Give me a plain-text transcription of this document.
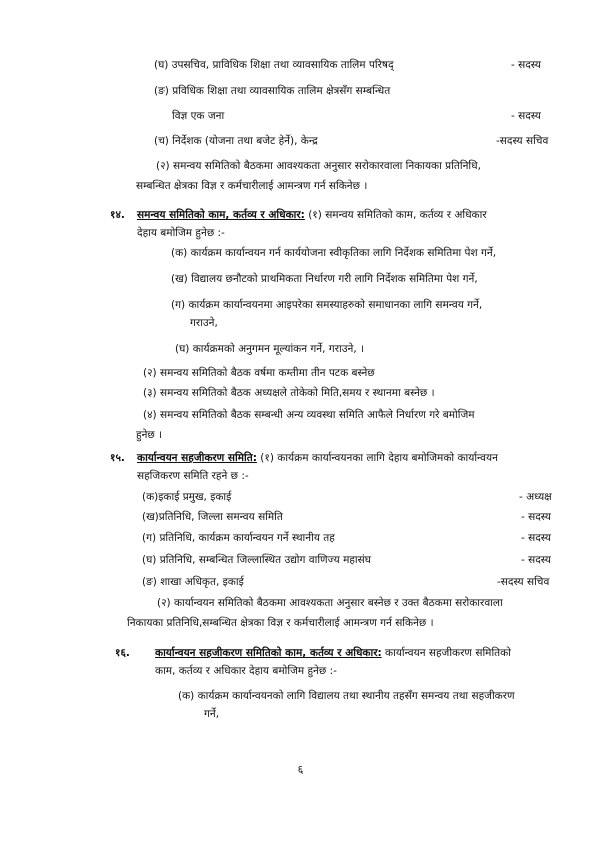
(घ) उपसचिव, प्राविधिक शिक्षा तथा व्यावसायिक तालिम परिषद्	- सदस्य
(ङ) प्रविधिक शिक्षा तथा व्यावसायिक तालिम क्षेत्रसँग सम्बन्धित
विज्ञ एक जना	- सदस्य
(च) निर्देशक (योजना तथा बजेट हेर्ने), केन्द्र	-सदस्य सचिव
(२) समन्वय समितिको बैठकमा आवश्यकता अनुसार सरोकारवाला निकायका प्रतिनिधि,
सम्बन्धित क्षेत्रका विज्ञ र कर्मचारीलाई आमन्त्रण गर्न सकिनेछ ।
१४. समन्वय समितिको काम, कर्तव्य र अधिकार: (१) समन्वय समितिको काम, कर्तव्य र अधिकार
देहाय बमोजिम हुनेछ :-
(क) कार्यक्रम कार्यान्वयन गर्न कार्ययोजना स्वीकृतिका लागि निर्देशक समितिमा पेश गर्ने,
(ख) विद्यालय छनौटको प्राथमिकता निर्धारण गरी लागि निर्देशक समितिमा पेश गर्ने,
(ग) कार्यक्रम कार्यान्वयनमा आइपरेका समस्याहरुको समाधानका लागि समन्वय गर्ने,
गराउने,
(घ) कार्यक्रमको अनुगमन मूल्यांकन गर्ने, गराउने, ।
(२) समन्वय समितिको बैठक वर्षमा कम्तीमा तीन पटक बस्नेछ
(३) समन्वय समितिको बैठक अध्यक्षले तोकेको मिति,समय र स्थानमा बस्नेछ ।
(४) समन्वय समितिको बैठक सम्बन्धी अन्य व्यवस्था समिति आफैले निर्धारण गरे बमोजिम
हुनेछ ।
१५. कार्यान्वयन सहजीकरण समिति: (१) कार्यक्रम कार्यान्वयनका लागि देहाय बमोजिमको कार्यान्वयन
सहजिकरण समिति रहने छ :-
(क)इकाई प्रमुख, इकाई	- अध्यक्ष
(ख)प्रतिनिधि, जिल्ला समन्वय समिति	- सदस्य
(ग) प्रतिनिधि, कार्यक्रम कार्यान्वयन गर्ने स्थानीय तह	- सदस्य
(घ) प्रतिनिधि, सम्बन्धित जिल्लास्थित उद्योग वाणिज्य महासंघ	- सदस्य
(ङ) शाखा अधिकृत, इकाई	-सदस्य सचिव
(२) कार्यान्वयन समितिको बैठकमा आवश्यकता अनुसार बस्नेछ र उक्त बैठकमा सरोकारवाला
निकायका प्रतिनिधि,सम्बन्धित क्षेत्रका विज्ञ र कर्मचारीलाई आमन्त्रण गर्न सकिनेछ ।
१६. कार्यान्वयन सहजीकरण समितिको काम, कर्तव्य र अधिकार: कार्यान्वयन सहजीकरण समितिको
काम, कर्तव्य र अधिकार देहाय बमोजिम हुनेछ :-
(क) कार्यक्रम कार्यान्वयनको लागि विद्यालय तथा स्थानीय तहसँग समन्वय तथा सहजीकरण
गर्ने,
६
